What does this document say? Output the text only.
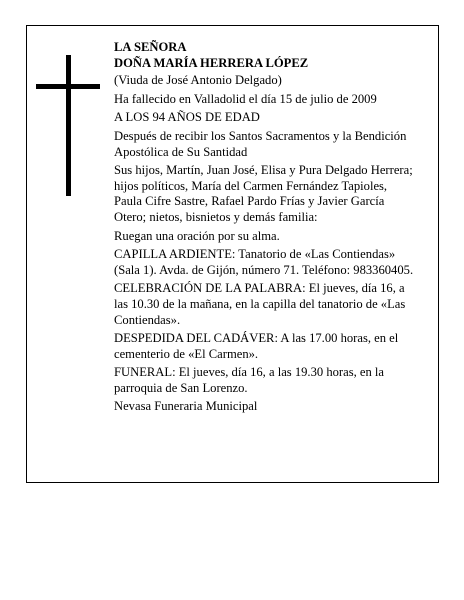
LA SEÑORA

DOÑA MARÍA HERRERA LÓPEZ

(Viuda de José Antonio Delgado)

Ha fallecido en Valladolid el día 15 de julio de 2009

A LOS 94 AÑOS DE EDAD

Después de recibir los Santos Sacramentos y la Bendición Apostólica de Su Santidad

Sus hijos, Martín, Juan José, Elisa y Pura Delgado Herrera; hijos políticos, María del Carmen Fernández Tapioles, Paula Cifre Sastre, Rafael Pardo Frías y Javier García Otero; nietos, bisnietos y demás familia:

Ruegan una oración por su alma.

CAPILLA ARDIENTE: Tanatorio de «Las Contiendas» (Sala 1). Avda. de Gijón, número 71. Teléfono: 983360405.

CELEBRACIÓN DE LA PALABRA: El jueves, día 16, a las 10.30 de la mañana, en la capilla del tanatorio de «Las Contiendas».

DESPEDIDA DEL CADÁVER: A las 17.00 horas, en el cementerio de «El Carmen».

FUNERAL: El jueves, día 16, a las 19.30 horas, en la parroquia de San Lorenzo.

Nevasa Funeraria Municipal
